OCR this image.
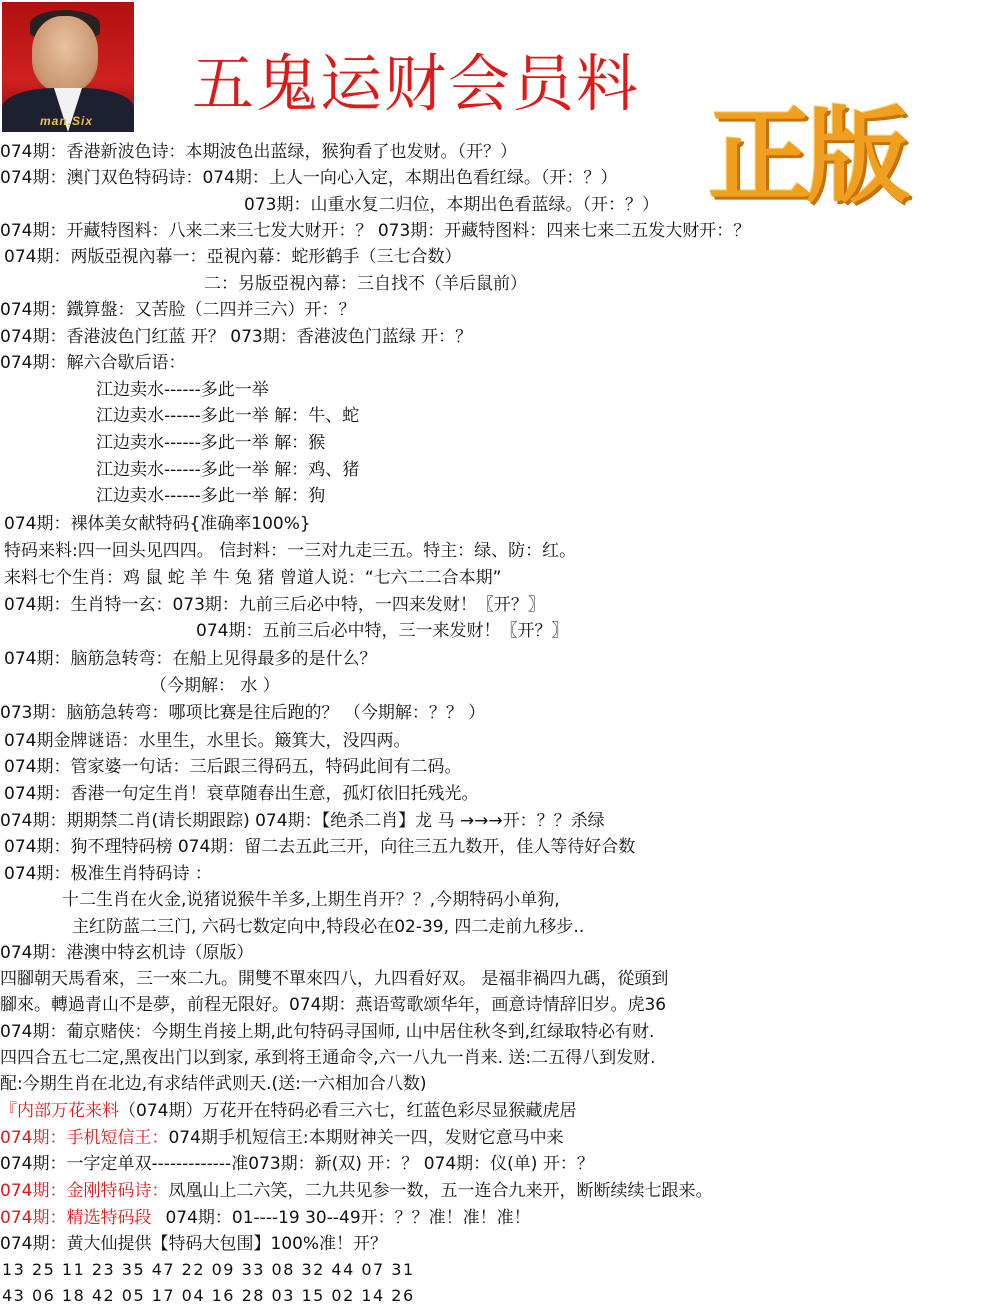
man.Six
五鬼运财会员料
正版
074期：香港新波色诗：本期波色出蓝绿，猴狗看了也发财。（开？）
074期：澳门双色特码诗：074期：上人一向心入定，本期出色看红绿。（开：？）
073期：山重水复二归位，本期出色看蓝绿。（开：？）
074期：开藏特图料：八来二来三七发大财开：？ 073期：开藏特图料：四来七来二五发大财开：？
074期：两版亞視內幕一：亞視內幕：蛇形鹤手（三七合数）
二：另版亞視內幕：三自找不（羊后鼠前）
074期：鐵算盤：又苦脸（二四并三六）开：？
074期：香港波色门红蓝 开？ 073期：香港波色门蓝绿 开：？
074期：解六合歇后语：
江边卖水------多此一举
江边卖水------多此一举 解：牛、蛇
江边卖水------多此一举 解：猴
江边卖水------多此一举 解：鸡、猪
江边卖水------多此一举 解：狗
074期：裸体美女献特码{准确率100%}
特码来料:四一回头见四四。 信封料：一三对九走三五。特主：绿、防：红。
来料七个生肖：鸡 鼠 蛇 羊 牛 兔 猪 曾道人说：“七六二二合本期”
074期：生肖特一玄：073期：九前三后必中特，一四来发财！〖开？〗
074期：五前三后必中特，三一来发财！〖开？〗
074期：脑筋急转弯：在船上见得最多的是什么？
（今期解： 水 ）
073期：脑筋急转弯：哪项比赛是往后跑的？ （今期解：？？ ）
074期金牌谜语：水里生，水里长。簸箕大，没四两。
074期：管家婆一句话：三后跟三得码五，特码此间有二码。
074期：香港一句定生肖！衰草随春出生意，孤灯依旧托残光。
074期：期期禁二肖(请长期跟踪) 074期：【绝杀二肖】龙 马 →→→开：？？杀绿
074期：狗不理特码榜 074期：留二去五此三开，向往三五九数开，佳人等待好合数
074期：极准生肖特码诗 ：
十二生肖在火金,说猪说猴牛羊多,上期生肖开？？,今期特码小单狗,
主红防蓝二三门, 六码七数定向中,特段必在02-39, 四二走前九移步..
074期：港澳中特玄机诗（原版）
四腳朝天馬看來，三一來二九。開雙不單來四八，九四看好双。 是福非禍四九碼，從頭到
腳來。轉過青山不是夢，前程无限好。074期：燕语莺歌颂华年，画意诗情辞旧岁。虎36
074期：葡京赌侠：今期生肖接上期,此句特码寻国师, 山中居住秋冬到,红绿取特必有财.
四四合五七二定,黑夜出门以到家, 承到将王通命令,六一八九一肖来. 送:二五得八到发财.
配:今期生肖在北边,有求结伴武则天.(送:一六相加合八数)
『内部万花来料（074期）万花开在特码必看三六七，红蓝色彩尽显猴藏虎居
074期：手机短信王：074期手机短信王:本期财神关一四，发财它意马中来
074期：一字定单双-------------准073期：新(双) 开：？ 074期：仪(单) 开：？
074期：金刚特码诗：凤凰山上二六笑，二九共见参一数，五一连合九来开，断断续续七跟来。
074期：精选特码段 074期：01----19 30--49开：？？准！准！准！
074期：黄大仙提供【特码大包围】100%准！开？
13 25 11 23 35 47 22 09 33 08 32 44 07 31
43 06 18 42 05 17 04 16 28 03 15 02 14 26
